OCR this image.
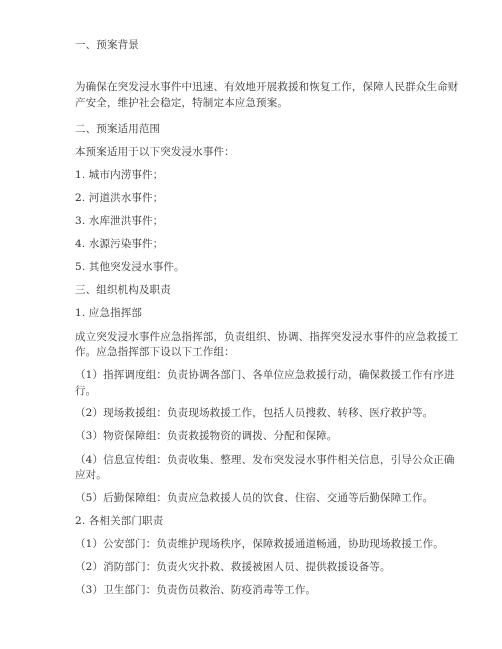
一、预案背景
为确保在突发浸水事件中迅速、有效地开展救援和恢复工作，保障人民群众生命财
产安全，维护社会稳定，特制定本应急预案。
二、预案适用范围
本预案适用于以下突发浸水事件：
1. 城市内涝事件；
2. 河道洪水事件；
3. 水库泄洪事件；
4. 水源污染事件；
5. 其他突发浸水事件。
三、组织机构及职责
1. 应急指挥部
成立突发浸水事件应急指挥部，负责组织、协调、指挥突发浸水事件的应急救援工
作。应急指挥部下设以下工作组：
（1）指挥调度组：负责协调各部门、各单位应急救援行动，确保救援工作有序进
行。
（2）现场救援组：负责现场救援工作，包括人员搜救、转移、医疗救护等。
（3）物资保障组：负责救援物资的调拨、分配和保障。
（4）信息宣传组：负责收集、整理、发布突发浸水事件相关信息，引导公众正确
应对。
（5）后勤保障组：负责应急救援人员的饮食、住宿、交通等后勤保障工作。
2. 各相关部门职责
（1）公安部门：负责维护现场秩序，保障救援通道畅通，协助现场救援工作。
（2）消防部门：负责火灾扑救、救援被困人员、提供救援设备等。
（3）卫生部门：负责伤员救治、防疫消毒等工作。
